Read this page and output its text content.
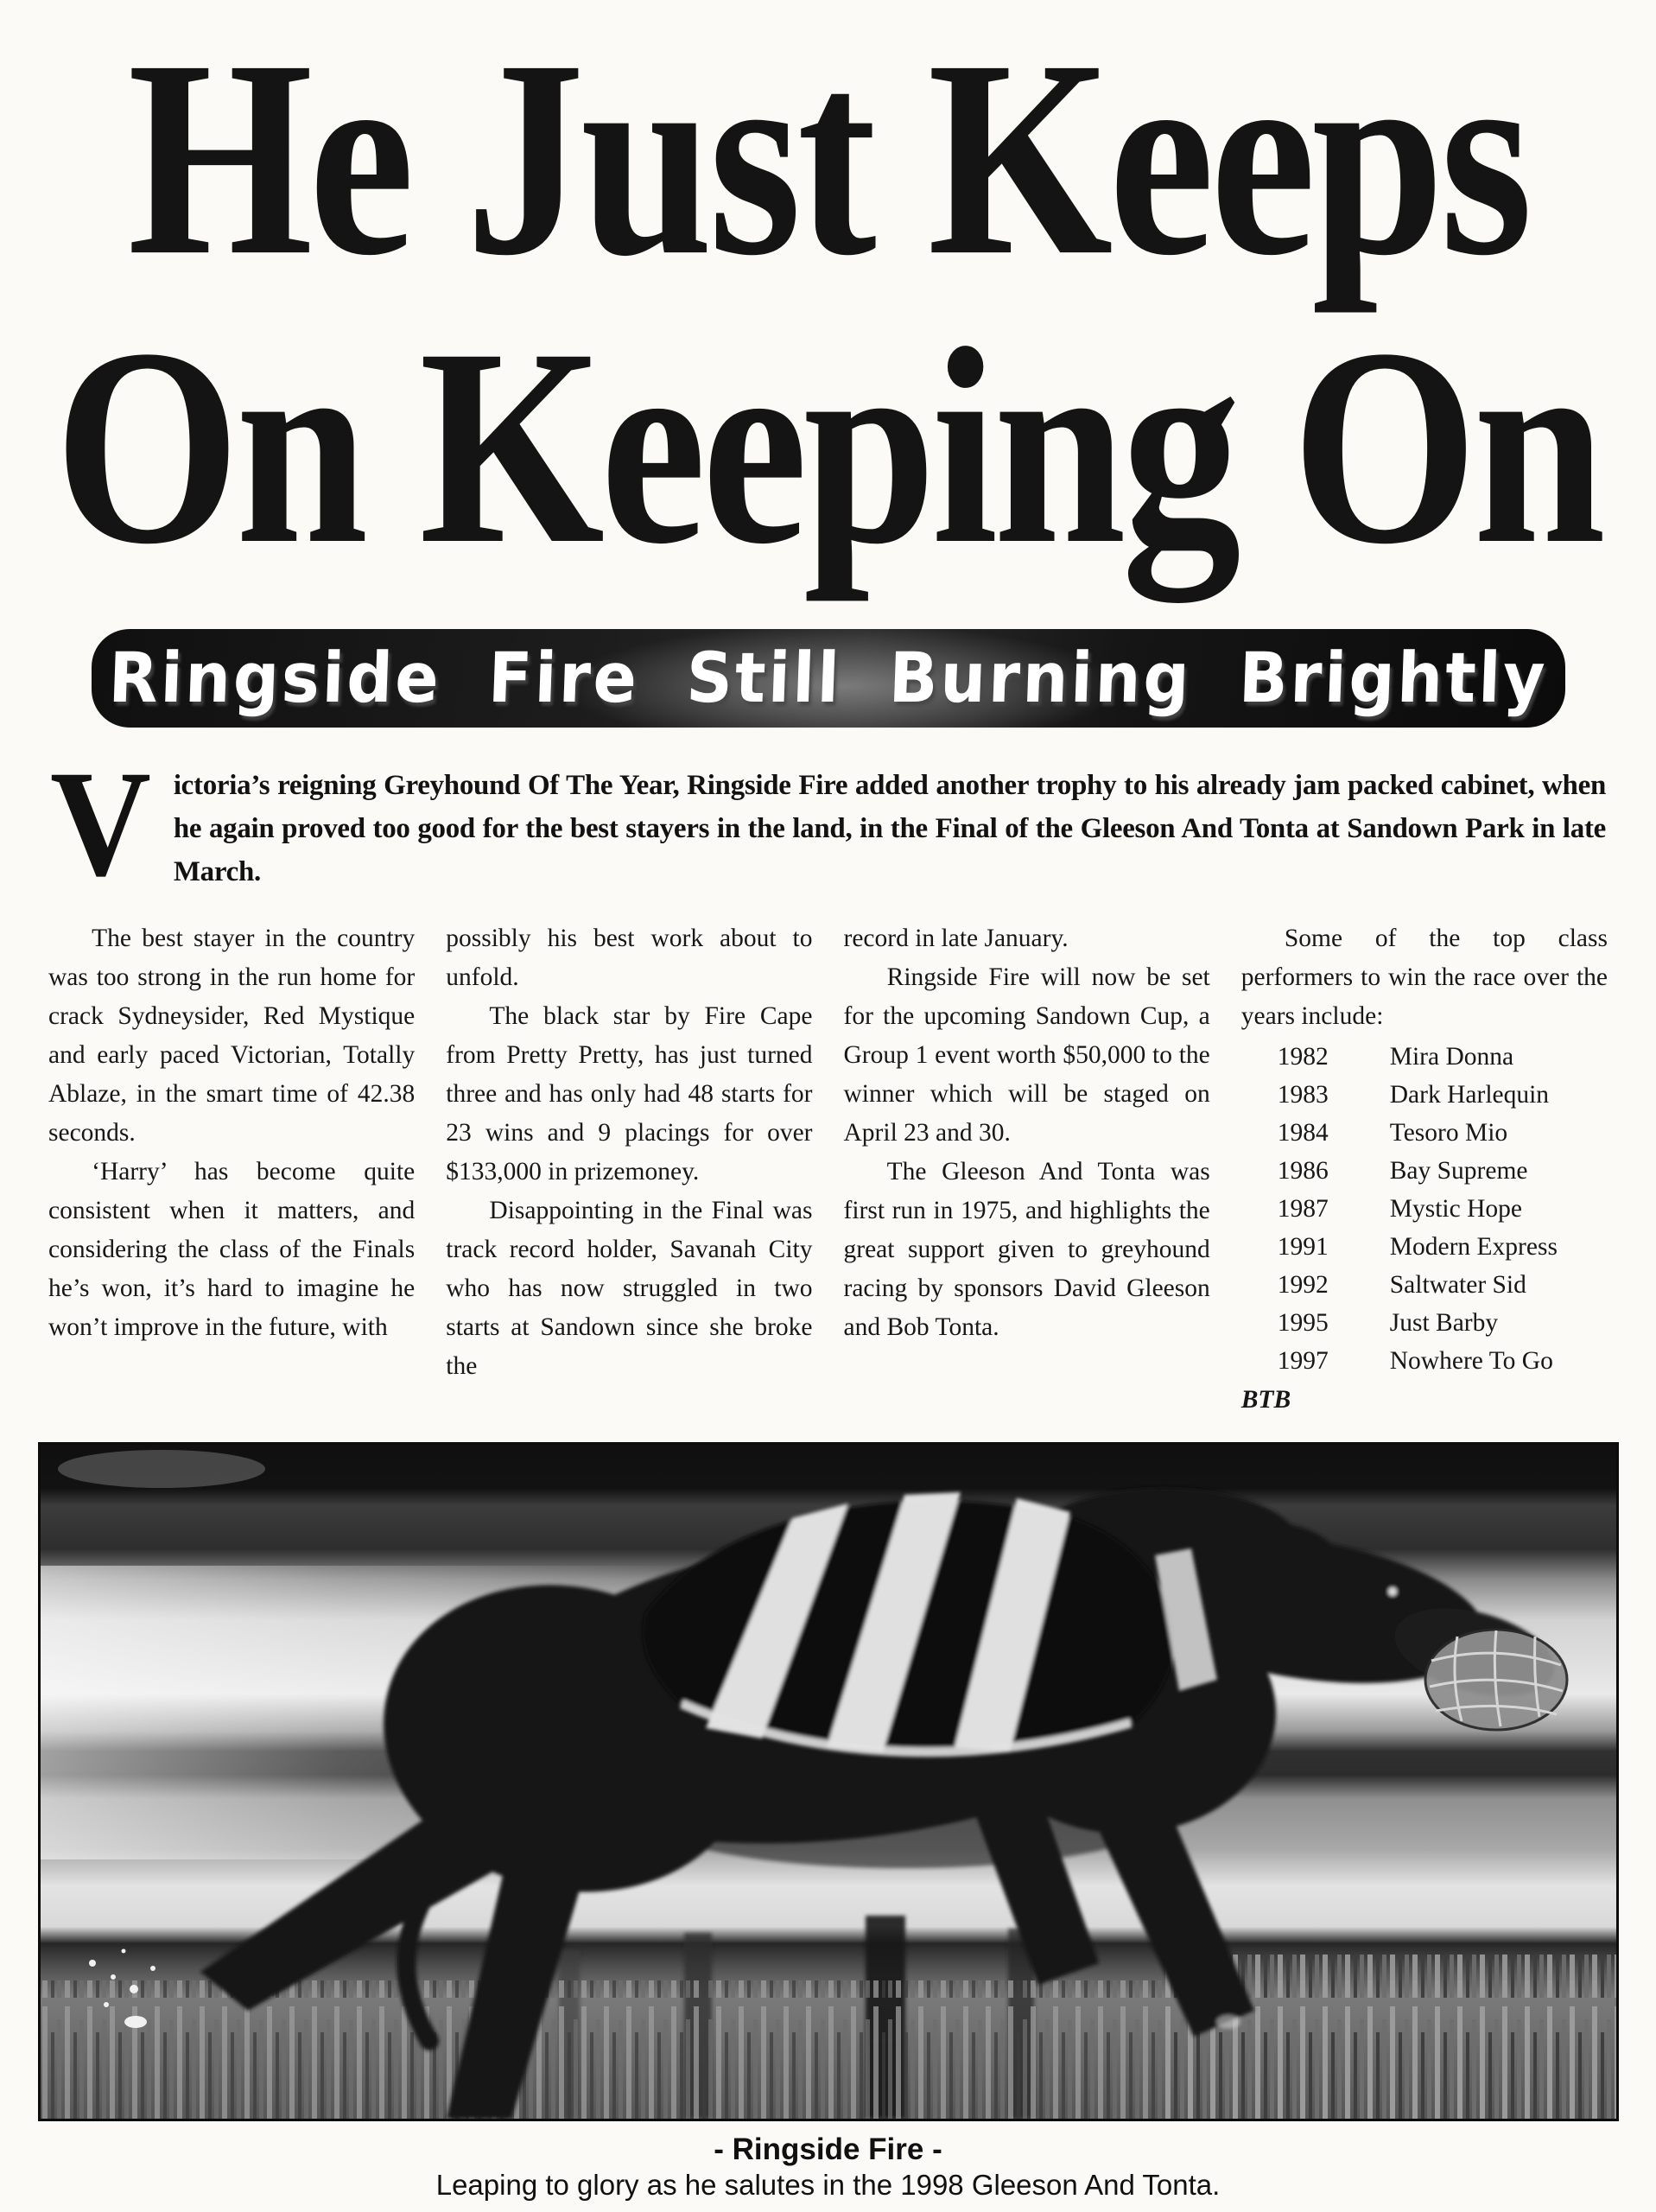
He Just Keeps
On Keeping On
Ringside Fire Still Burning Brightly

V ictoria’s reigning Greyhound Of The Year, Ringside Fire added another trophy to his already jam packed cabinet, when he again proved too good for the best stayers in the land, in the Final of the Gleeson And Tonta at Sandown Park in late March.

The best stayer in the country was too strong in the run home for crack Sydneysider, Red Mystique and early paced Victorian, Totally Ablaze, in the smart time of 42.38 seconds.

‘Harry’ has become quite consistent when it matters, and considering the class of the Finals he’s won, it’s hard to imagine he won’t improve in the future, with

possibly his best work about to unfold.

The black star by Fire Cape from Pretty Pretty, has just turned three and has only had 48 starts for 23 wins and 9 placings for over $133,000 in prizemoney.

Disappointing in the Final was track record holder, Savanah City who has now struggled in two starts at Sandown since she broke the

record in late January.

Ringside Fire will now be set for the upcoming Sandown Cup, a Group 1 event worth $50,000 to the winner which will be staged on April 23 and 30.

The Gleeson And Tonta was first run in 1975, and highlights the great support given to greyhound racing by sponsors David Gleeson and Bob Tonta.

Some of the top class performers to win the race over the years include:

1982	Mira Donna
1983	Dark Harlequin
1984	Tesoro Mio
1986	Bay Supreme
1987	Mystic Hope
1991	Modern Express
1992	Saltwater Sid
1995	Just Barby
1997	Nowhere To Go

BTB

- Ringside Fire -
Leaping to glory as he salutes in the 1998 Gleeson And Tonta.
